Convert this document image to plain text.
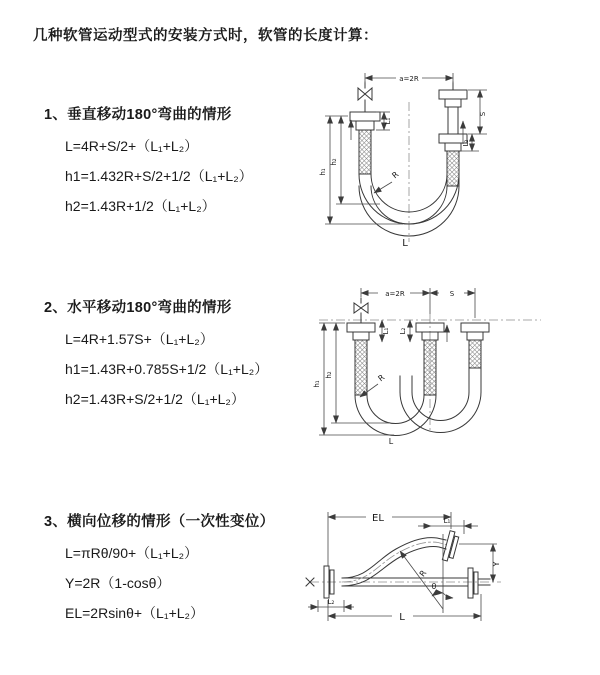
几种软管运动型式的安装方式时，软管的长度计算：
1、垂直移动180°弯曲的情形

L=4R+S/2+（L₁+L₂）

h1=1.432R+S/2+1/2（L₁+L₂）

h2=1.43R+1/2（L₁+L₂）

a=2R
S
L₂
h₁
h₂
L₁
R
L
2、水平移动180°弯曲的情形

L=4R+1.57S+（L₁+L₂）

h1=1.43R+0.785S+1/2（L₁+L₂）

h2=1.43R+S/2+1/2（L₁+L₂）

a=2R	S
h₁
h₂
L₁ L₂
R
L
3、横向位移的情形（一次性变位）

L=πRθ/90+（L₁+L₂）

Y=2R（1-cosθ）

EL=2Rsinθ+（L₁+L₂）

EL	L₁
Y
L
L₂
R
θ
